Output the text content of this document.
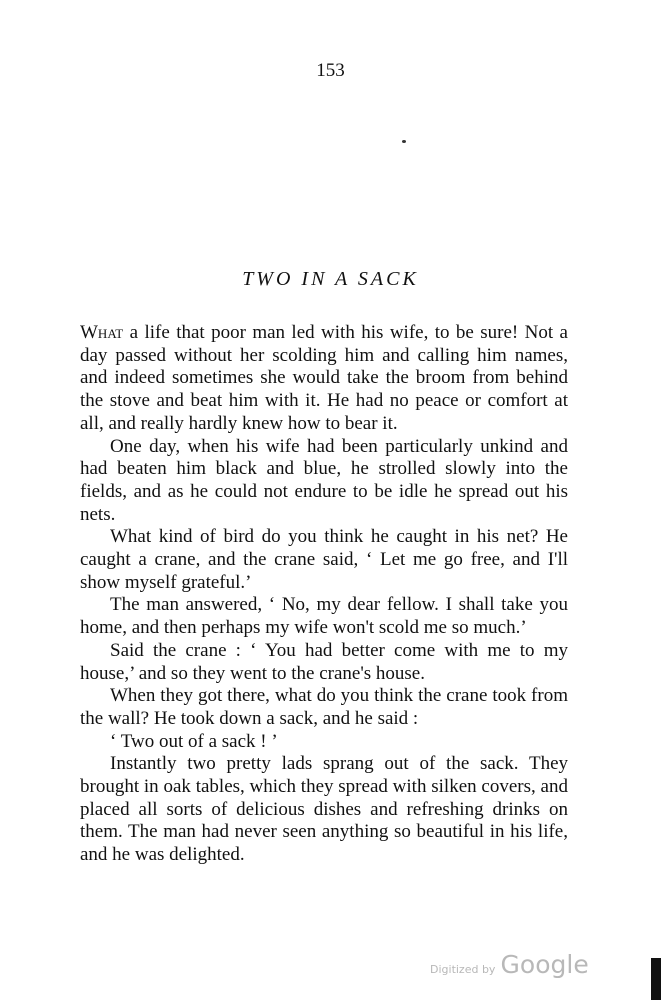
153
TWO IN A SACK

What a life that poor man led with his wife, to be sure! Not a day passed without her scolding him and calling him names, and indeed sometimes she would take the broom from behind the stove and beat him with it. He had no peace or comfort at all, and really hardly knew how to bear it.

One day, when his wife had been particularly unkind and had beaten him black and blue, he strolled slowly into the fields, and as he could not endure to be idle he spread out his nets.

What kind of bird do you think he caught in his net? He caught a crane, and the crane said, ‘ Let me go free, and I'll show myself grateful.’

The man answered, ‘ No, my dear fellow. I shall take you home, and then perhaps my wife won't scold me so much.’

Said the crane : ‘ You had better come with me to my house,’ and so they went to the crane's house.

When they got there, what do you think the crane took from the wall? He took down a sack, and he said :

‘ Two out of a sack ! ’

Instantly two pretty lads sprang out of the sack. They brought in oak tables, which they spread with silken covers, and placed all sorts of delicious dishes and refreshing drinks on them. The man had never seen anything so beautiful in his life, and he was delighted.

Digitized by Google
